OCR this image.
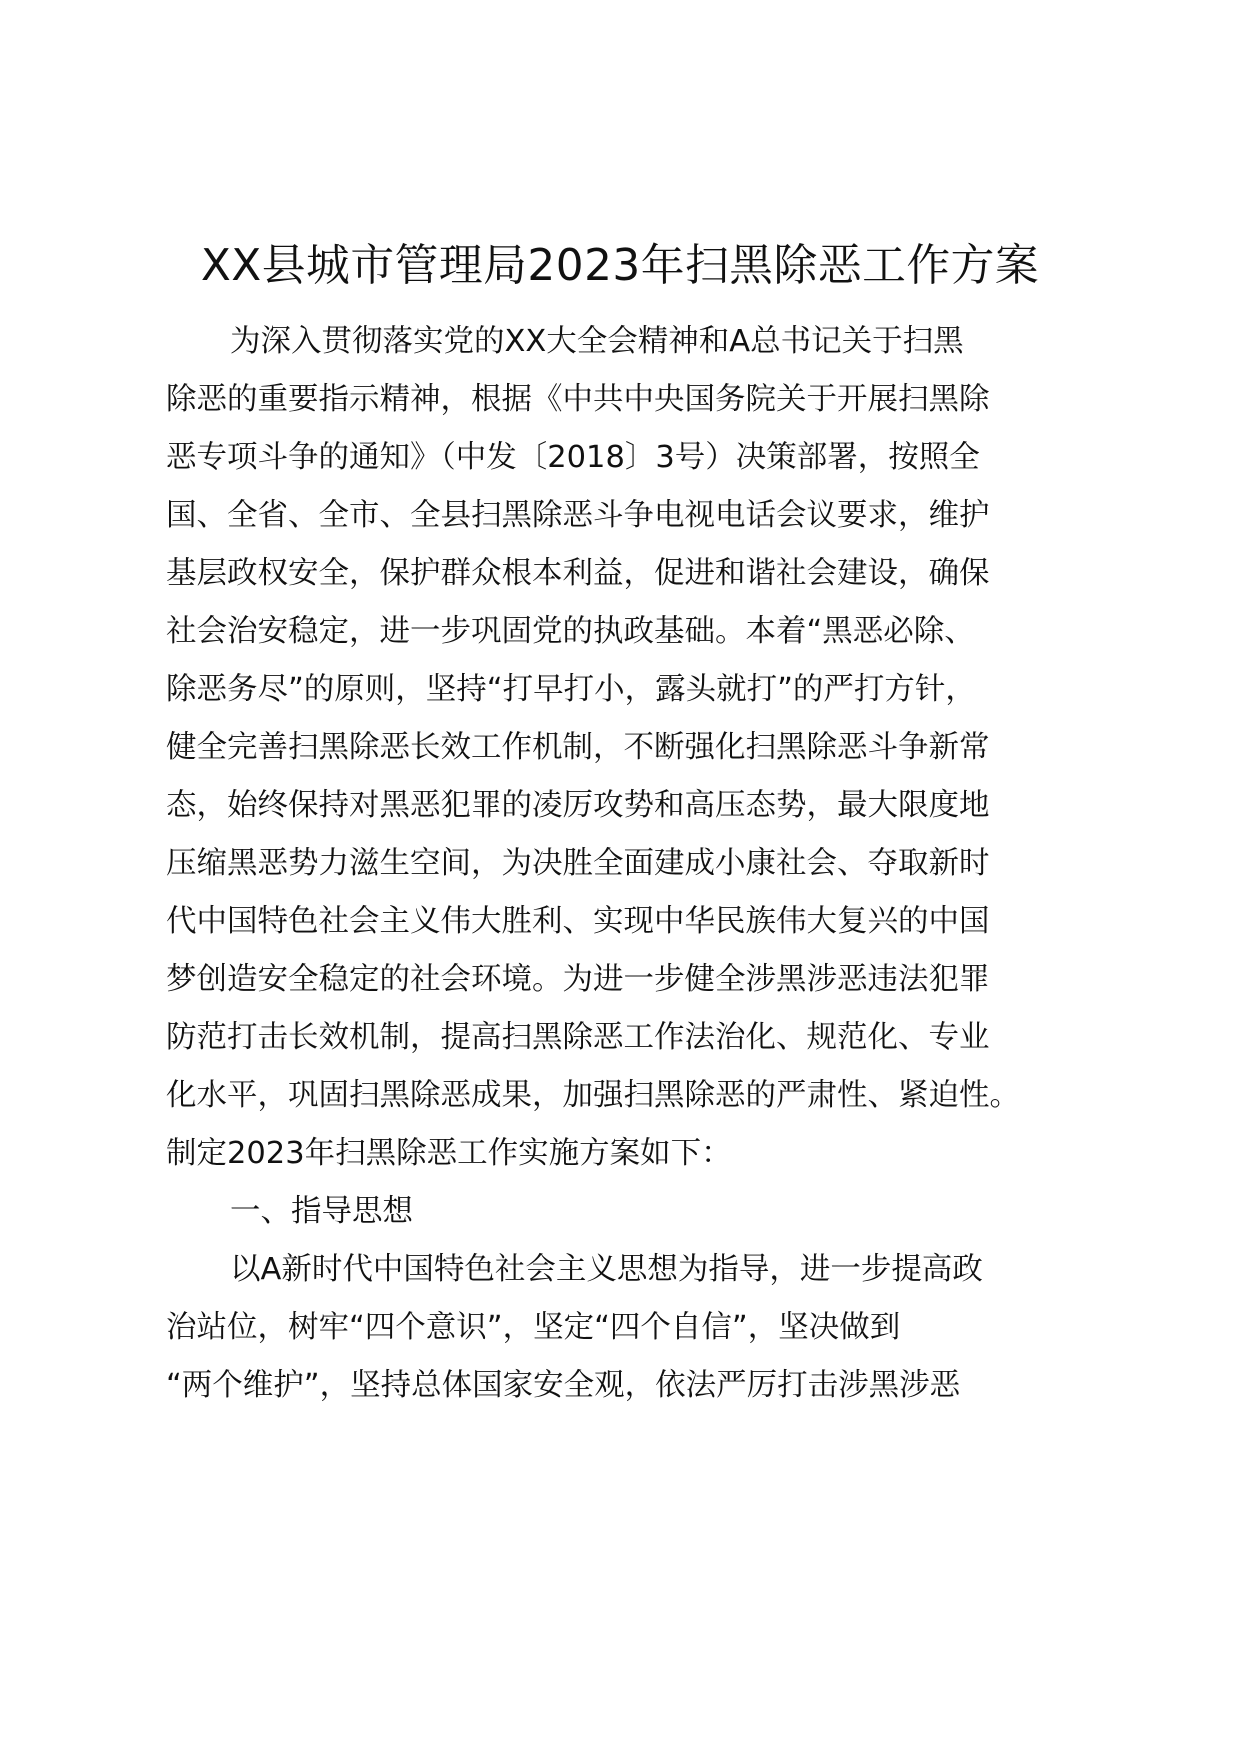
XX县城市管理局2023年扫黑除恶工作方案
为深入贯彻落实党的XX大全会精神和A总书记关于扫黑
除恶的重要指示精神，根据《中共中央国务院关于开展扫黑除
恶专项斗争的通知》（中发〔2018〕3号）决策部署，按照全
国、全省、全市、全县扫黑除恶斗争电视电话会议要求，维护
基层政权安全，保护群众根本利益，促进和谐社会建设，确保
社会治安稳定，进一步巩固党的执政基础。本着“黑恶必除、
除恶务尽”的原则，坚持“打早打小，露头就打”的严打方针，
健全完善扫黑除恶长效工作机制，不断强化扫黑除恶斗争新常
态，始终保持对黑恶犯罪的凌厉攻势和高压态势，最大限度地
压缩黑恶势力滋生空间，为决胜全面建成小康社会、夺取新时
代中国特色社会主义伟大胜利、实现中华民族伟大复兴的中国
梦创造安全稳定的社会环境。为进一步健全涉黑涉恶违法犯罪
防范打击长效机制，提高扫黑除恶工作法治化、规范化、专业
化水平，巩固扫黑除恶成果，加强扫黑除恶的严肃性、紧迫性。
制定2023年扫黑除恶工作实施方案如下：
一、指导思想
以A新时代中国特色社会主义思想为指导，进一步提高政
治站位，树牢“四个意识”，坚定“四个自信”，坚决做到
“两个维护”，坚持总体国家安全观，依法严厉打击涉黑涉恶
